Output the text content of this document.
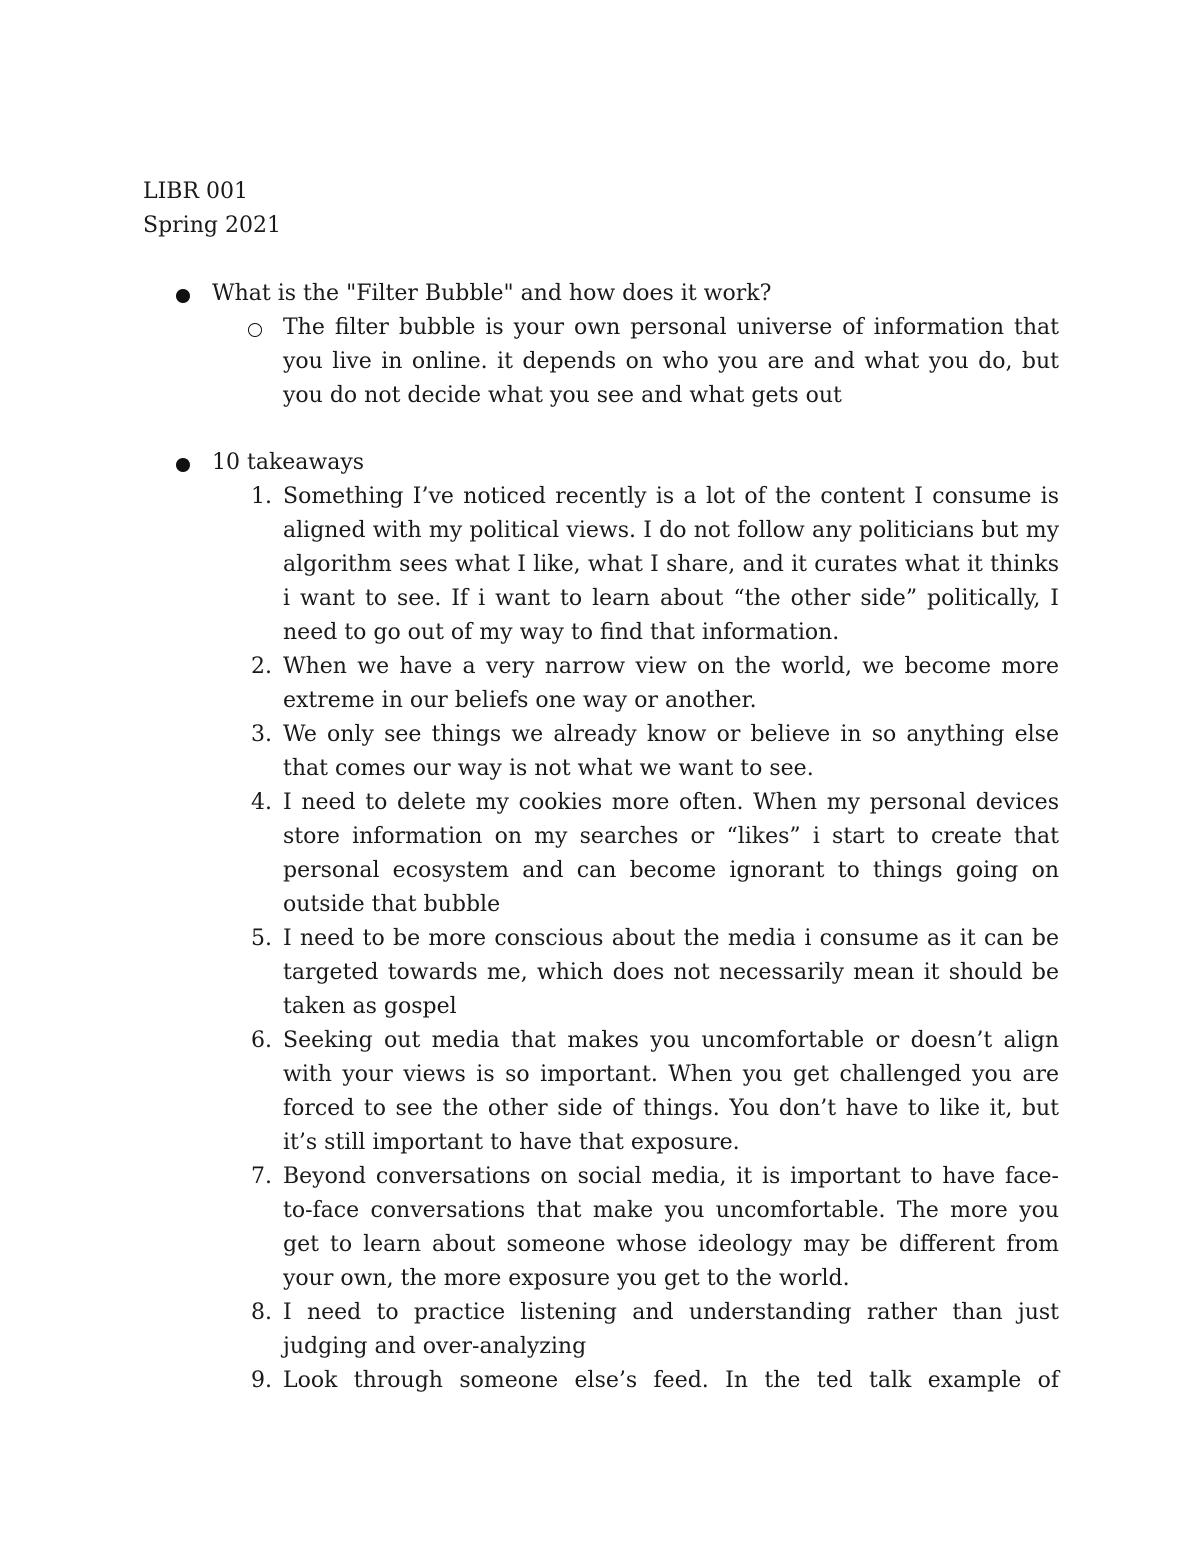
LIBR 001
Spring 2021
What is the "Filter Bubble" and how does it work?
The filter bubble is your own personal universe of information that you live in online. it depends on who you are and what you do, but you do not decide what you see and what gets out
10 takeaways
1. Something I’ve noticed recently is a lot of the content I consume is aligned with my political views. I do not follow any politicians but my algorithm sees what I like, what I share, and it curates what it thinks i want to see. If i want to learn about “the other side” politically, I need to go out of my way to find that information.
2. When we have a very narrow view on the world, we become more extreme in our beliefs one way or another.
3. We only see things we already know or believe in so anything else that comes our way is not what we want to see.
4. I need to delete my cookies more often. When my personal devices store information on my searches or “likes” i start to create that personal ecosystem and can become ignorant to things going on outside that bubble
5. I need to be more conscious about the media i consume as it can be targeted towards me, which does not necessarily mean it should be taken as gospel
6. Seeking out media that makes you uncomfortable or doesn’t align with your views is so important. When you get challenged you are forced to see the other side of things. You don’t have to like it, but it’s still important to have that exposure.
7. Beyond conversations on social media, it is important to have face-to-face conversations that make you uncomfortable. The more you get to learn about someone whose ideology may be different from your own, the more exposure you get to the world.
8. I need to practice listening and understanding rather than just judging and over-analyzing
9. Look through someone else’s feed. In the ted talk example of
